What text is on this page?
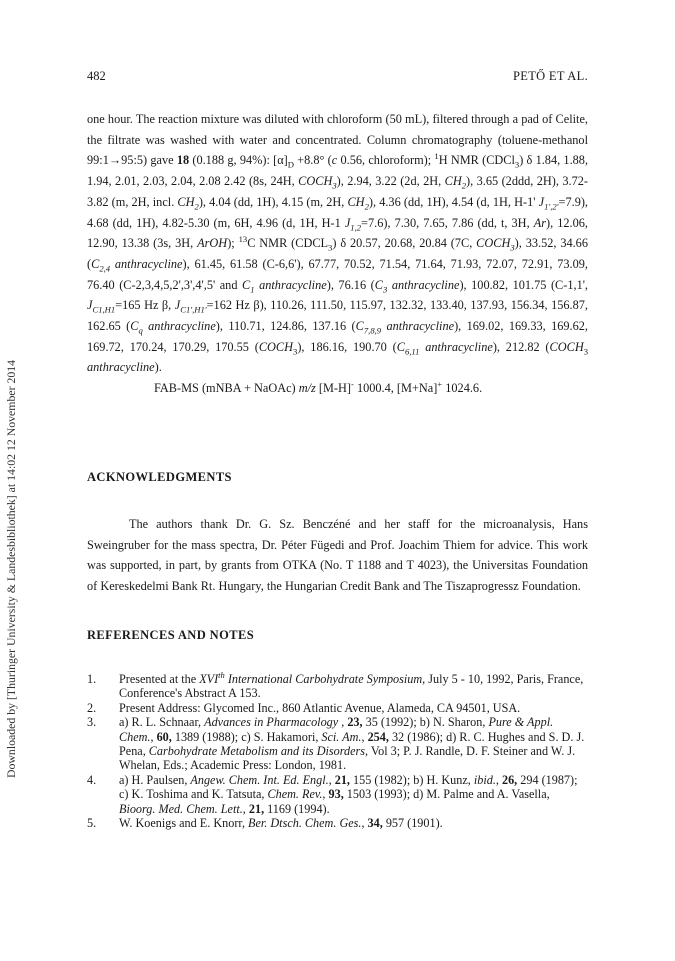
Downloaded by [Thuringer University & Landesbibliothek] at 14:02 12 November 2014
482	PETŐ ET AL.

one hour. The reaction mixture was diluted with chloroform (50 mL), filtered through a pad of Celite, the filtrate was washed with water and concentrated. Column chromatography (toluene-methanol 99:1→95:5) gave 18 (0.188 g, 94%): $[\alpha]_D +8.8^\circ$ (c 0.56, chloroform); $^1$H NMR (CDCl$_3$) δ 1.84, 1.88, 1.94, 2.01, 2.03, 2.04, 2.08 2.42 (8s, 24H, $COCH_3$), 2.94, 3.22 (2d, 2H, $CH_2$), 3.65 (2ddd, 2H), 3.72-3.82 (m, 2H, incl. $CH_2$), 4.04 (dd, 1H), 4.15 (m, 2H, $CH_2$), 4.36 (dd, 1H), 4.54 (d, 1H, H-1' $J_{1',2'}=7.9$), 4.68 (dd, 1H), 4.82-5.30 (m, 6H, 4.96 (d, 1H, H-1 $J_{1,2}=7.6$), 7.30, 7.65, 7.86 (dd, t, 3H, Ar), 12.06, 12.90, 13.38 (3s, 3H, ArOH); $^{13}$C NMR $(CDCL_3)$ δ 20.57, 20.68, 20.84 (7C, $COCH_3$), 33.52, 34.66 ($C_{2,4}$ anthracycline), 61.45, 61.58 (C-6,6'), 67.77, 70.52, 71.54, 71.64, 71.93, 72.07, 72.91, 73.09, 76.40 (C-2,3,4,5,2',3',4',5' and $C_1$ anthracycline), 76.16 ($C_3$ anthracycline), 100.82, 101.75 (C-1,1', $J_{C1,H1}=165$ Hz β, $J_{C1',H1'}=162$ Hz β), 110.26, 111.50, 115.97, 132.32, 133.40, 137.93, 156.34, 156.87, 162.65 ($C_q$ anthracycline), 110.71, 124.86, 137.16 ($C_{7,8,9}$ anthracycline), 169.02, 169.33, 169.62, 169.72, 170.24, 170.29, 170.55 $(COCH_3)$, 186.16, 190.70 ($C_{6,11}$ anthracycline), 212.82 ($COCH_3$ anthracycline).

FAB-MS (mNBA + NaOAc) m/z [M-H]- 1000.4, [M+Na]+ 1024.6.

ACKNOWLEDGMENTS

The authors thank Dr. G. Sz. Benczéné and her staff for the microanalysis, Hans Sweingruber for the mass spectra, Dr. Péter Fügedi and Prof. Joachim Thiem for advice. This work was supported, in part, by grants from OTKA (No. T 1188 and T 4023), the Universitas Foundation of Kereskedelmi Bank Rt. Hungary, the Hungarian Credit Bank and The Tiszaprogressz Foundation.

REFERENCES AND NOTES
1. Presented at the XVIth International Carbohydrate Symposium, July 5 - 10, 1992, Paris, France, Conference's Abstract A 153.
2. Present Address: Glycomed Inc., 860 Atlantic Avenue, Alameda, CA 94501, USA.
3. a) R. L. Schnaar, Advances in Pharmacology , 23, 35 (1992); b) N. Sharon, Pure & Appl. Chem., 60, 1389 (1988); c) S. Hakamori, Sci. Am., 254, 32 (1986); d) R. C. Hughes and S. D. J. Pena, Carbohydrate Metabolism and its Disorders, Vol 3; P. J. Randle, D. F. Steiner and W. J. Whelan, Eds.; Academic Press: London, 1981.
4. a) H. Paulsen, Angew. Chem. Int. Ed. Engl., 21, 155 (1982); b) H. Kunz, ibid., 26, 294 (1987); c) K. Toshima and K. Tatsuta, Chem. Rev., 93, 1503 (1993); d) M. Palme and A. Vasella, Bioorg. Med. Chem. Lett., 21, 1169 (1994).
5. W. Koenigs and E. Knorr, Ber. Dtsch. Chem. Ges., 34, 957 (1901).
